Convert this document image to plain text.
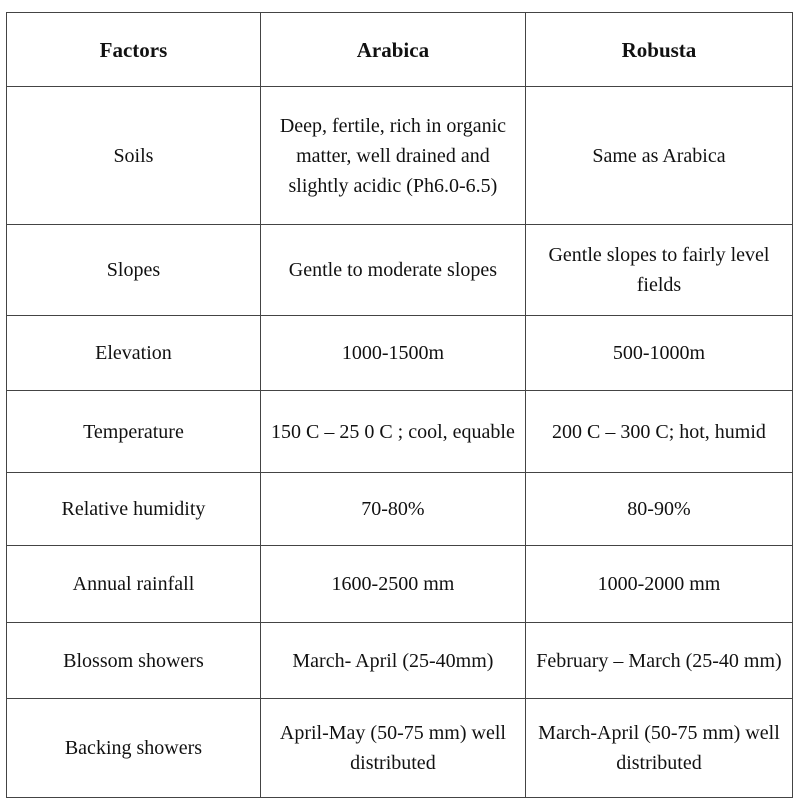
Factors	Arabica	Robusta
Soils	Deep, fertile, rich in organic matter, well drained and slightly acidic (Ph6.0-6.5)	Same as Arabica
Slopes	Gentle to moderate slopes	Gentle slopes to fairly level fields
Elevation	1000-1500m	500-1000m
Temperature	150 C – 25 0 C ; cool, equable	200 C – 300 C; hot, humid
Relative humidity	70-80%	80-90%
Annual rainfall	1600-2500 mm	1000-2000 mm
Blossom showers	March- April (25-40mm)	February – March (25-40 mm)
Backing showers	April-May (50-75 mm) well distributed	March-April (50-75 mm) well distributed
